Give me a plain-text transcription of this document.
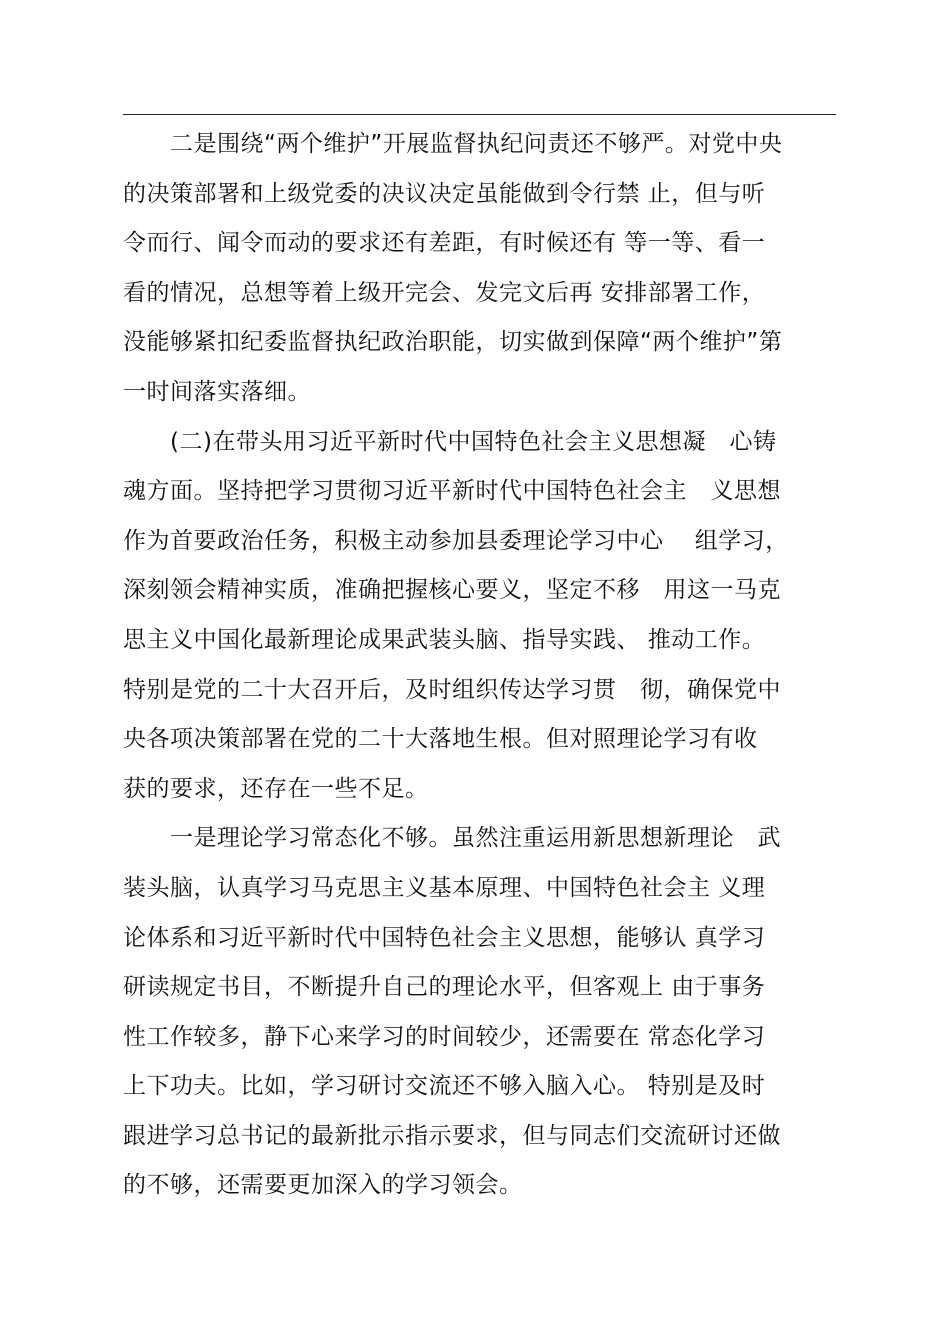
　　二是围绕“两个维护”开展监督执纪问责还不够严。对党中央
的决策部署和上级党委的决议决定虽能做到令行禁 止，但与听
令而行、闻令而动的要求还有差距，有时候还有 等一等、看一
看的情况，总想等着上级开完会、发完文后再 安排部署工作，
没能够紧扣纪委监督执纪政治职能，切实做到保障“两个维护”第
一时间落实落细。
　　(二)在带头用习近平新时代中国特色社会主义思想凝　心铸
魂方面。坚持把学习贯彻习近平新时代中国特色社会主　义思想
作为首要政治任务，积极主动参加县委理论学习中心　 组学习，
深刻领会精神实质，准确把握核心要义，坚定不移　用这一马克
思主义中国化最新理论成果武装头脑、指导实践、 推动工作。
特别是党的二十大召开后，及时组织传达学习贯　彻，确保党中
央各项决策部署在党的二十大落地生根。但对照理论学习有收
获的要求，还存在一些不足。
　　一是理论学习常态化不够。虽然注重运用新思想新理论　武
装头脑，认真学习马克思主义基本原理、中国特色社会主 义理
论体系和习近平新时代中国特色社会主义思想，能够认 真学习
研读规定书目，不断提升自己的理论水平，但客观上 由于事务
性工作较多，静下心来学习的时间较少，还需要在 常态化学习
上下功夫。比如，学习研讨交流还不够入脑入心。 特别是及时
跟进学习总书记的最新批示指示要求，但与同志们交流研讨还做
的不够，还需要更加深入的学习领会。
